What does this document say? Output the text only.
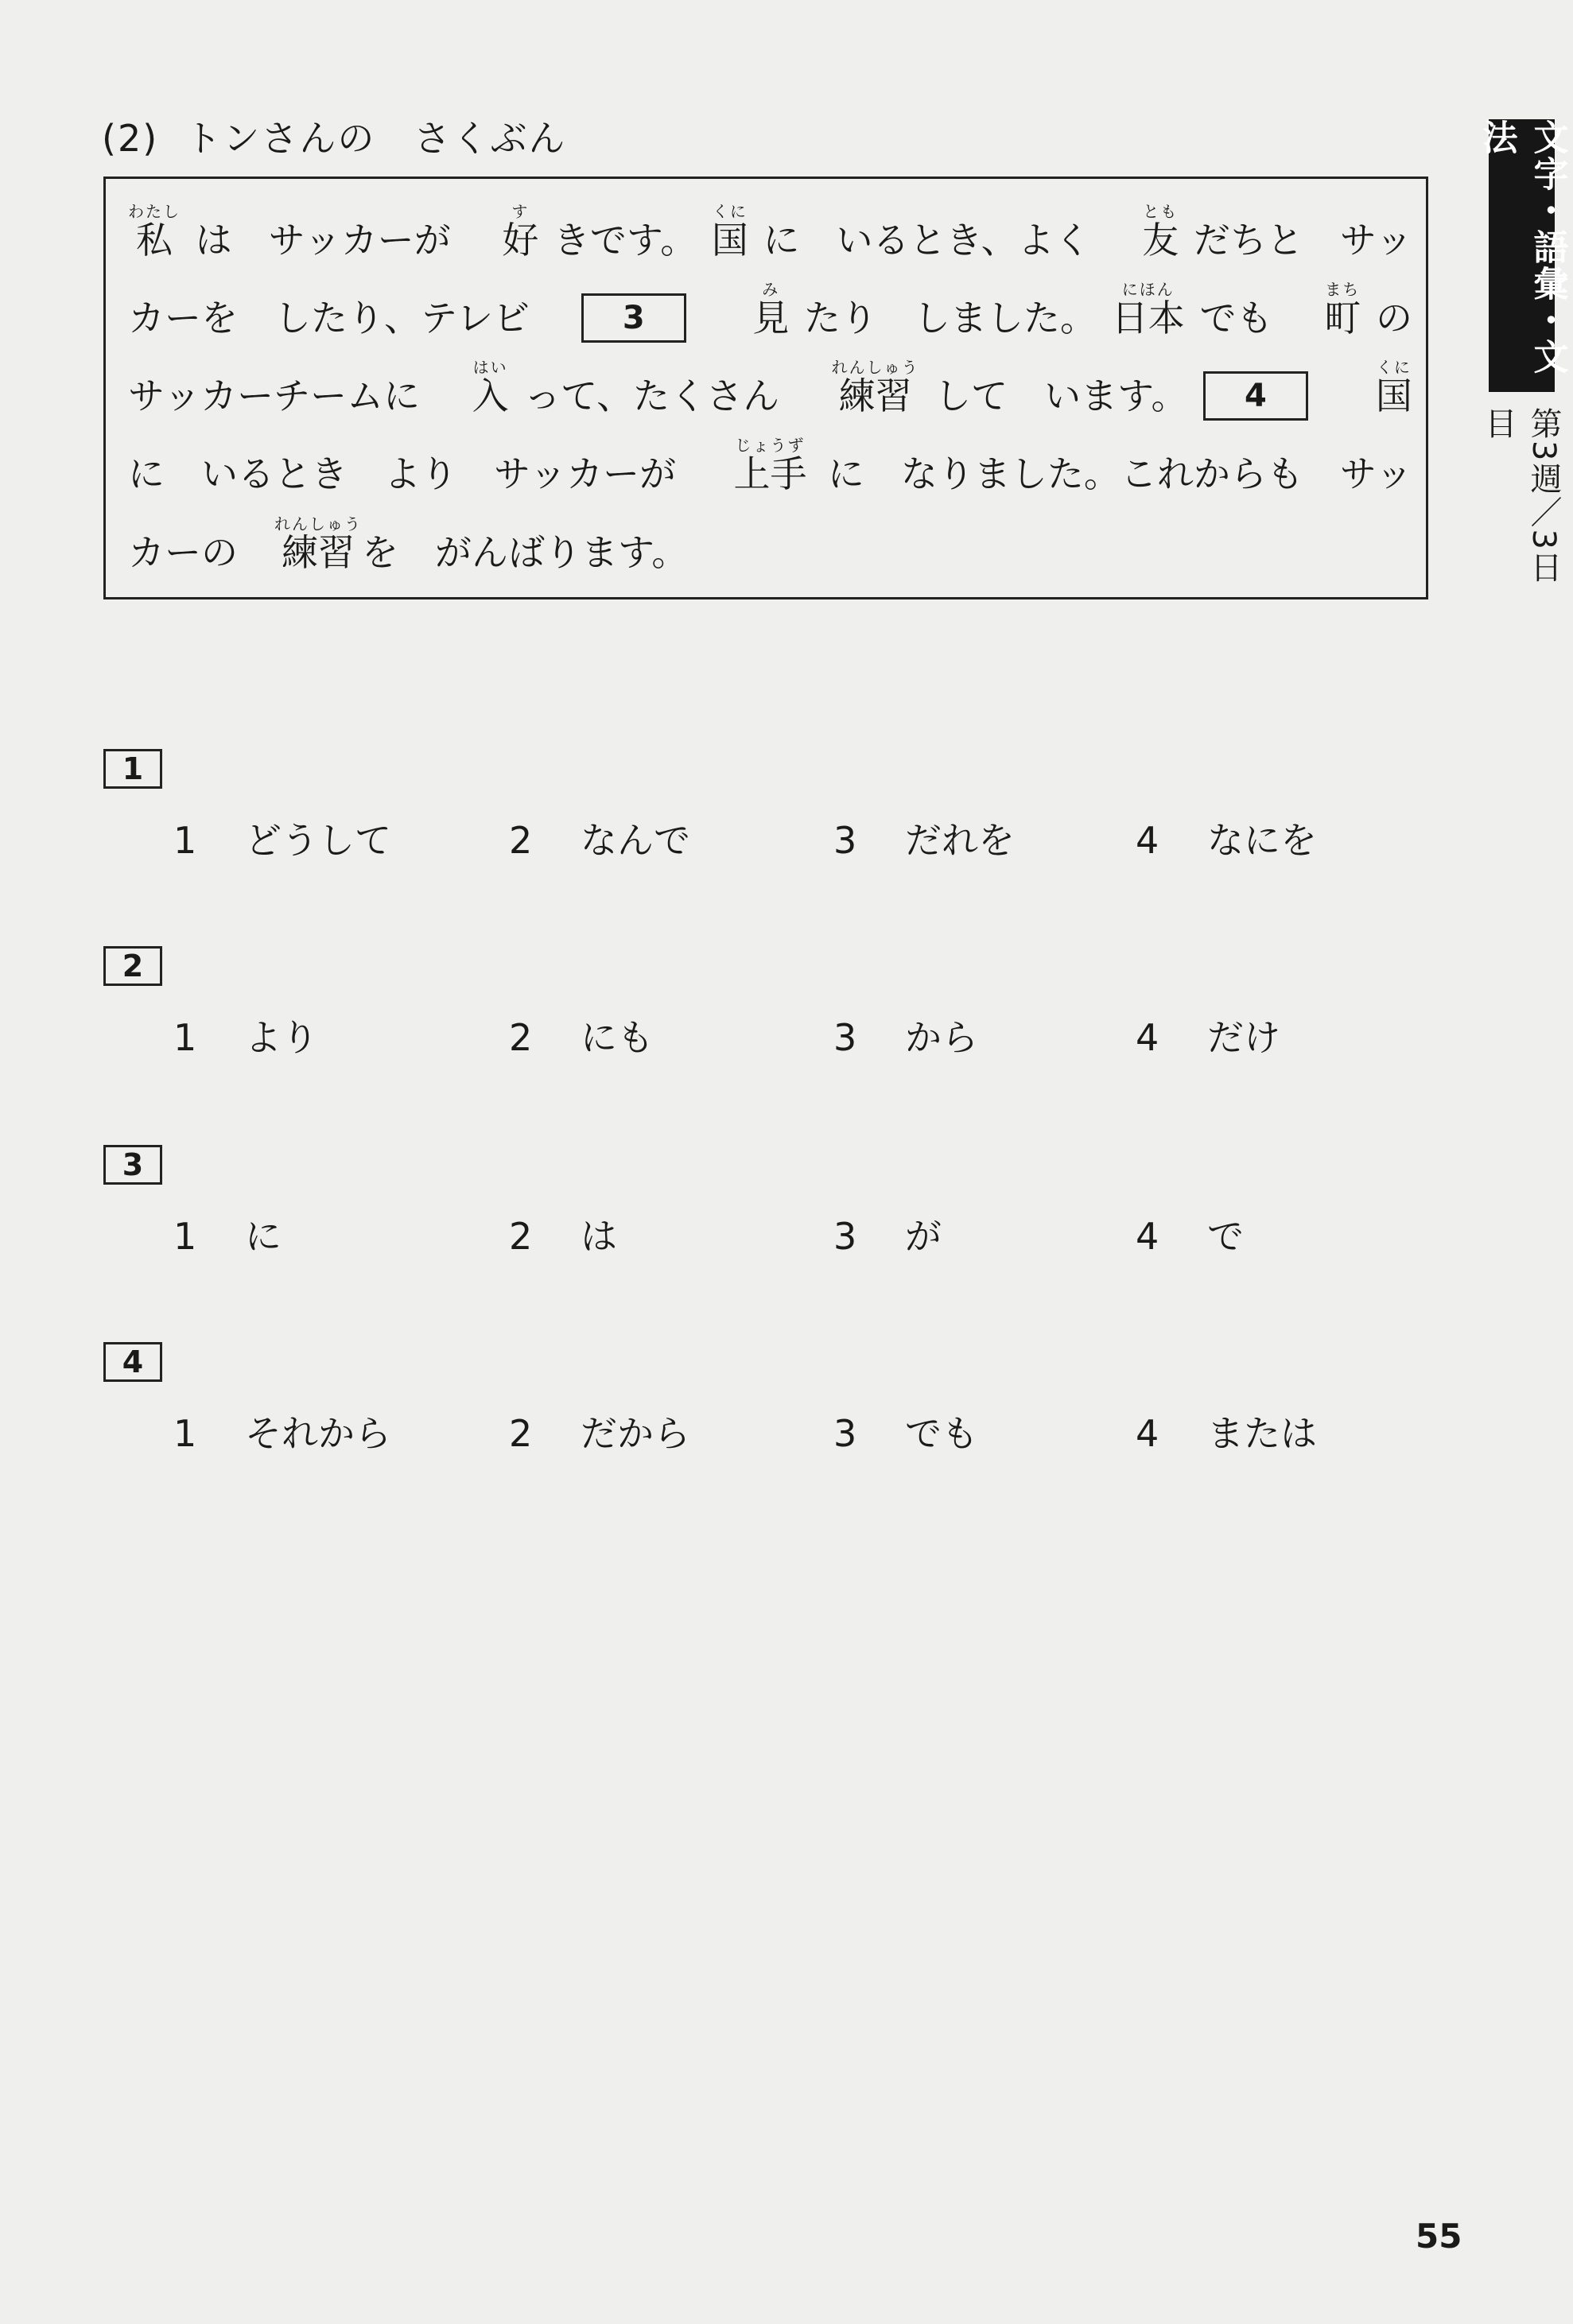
(2)  トンさんの　さくぶん
わたし
私 は　サッカーが　
す
好 きです。
くに
国 に　いるとき、よく　
とも
友 だちと　サッ
カーを　したり、テレビ　	3

み
見 たり　しました。
にほん
日本 でも　
まち
町 の
サッカーチームに　
はい
入 って、たくさん　
れんしゅう
練習 して　います。	4

くに
国
に　いるとき　より　サッカーが　
じょうず
上手 に　なりました。これからも　サッ
カーの　
れんしゅう
練習 を　がんばります。
1
1 どうして	2 なんで	3 だれを	4 なにを
2
1 より	2 にも	3 から	4 だけ
3
1 に	2 は	3 が	4 で
4
1 それから	2 だから	3 でも	4 または
文字・語彙・文法
第3週／3日目
55
